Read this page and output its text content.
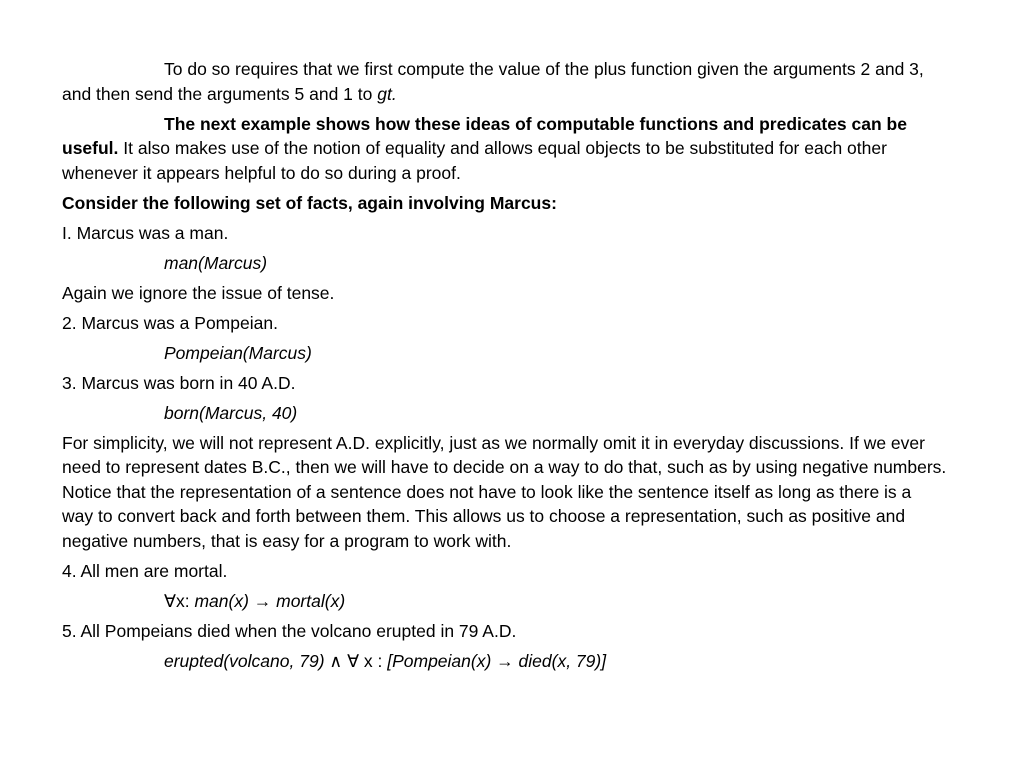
To do so requires that we first compute the value of the plus function given the arguments 2 and 3, and then send the arguments 5 and 1 to gt.

The next example shows how these ideas of computable functions and predicates can be useful. It also makes use of the notion of equality and allows equal objects to be substituted for each other whenever it appears helpful to do so during a proof.

Consider the following set of facts, again involving Marcus:

I. Marcus was a man.

man(Marcus)

Again we ignore the issue of tense.

2. Marcus was a Pompeian.

Pompeian(Marcus)

3. Marcus was born in 40 A.D.

born(Marcus, 40)

For simplicity, we will not represent A.D. explicitly, just as we normally omit it in everyday discussions. If we ever need to represent dates B.C., then we will have to decide on a way to do that, such as by using negative numbers. Notice that the representation of a sentence does not have to look like the sentence itself as long as there is a way to convert back and forth between them. This allows us to choose a representation, such as positive and negative numbers, that is easy for a program to work with.

4. All men are mortal.

∀x: man(x) → mortal(x)

5. All Pompeians died when the volcano erupted in 79 A.D.

erupted(volcano, 79) ∧ ∀ x : [Pompeian(x) → died(x, 79)]
